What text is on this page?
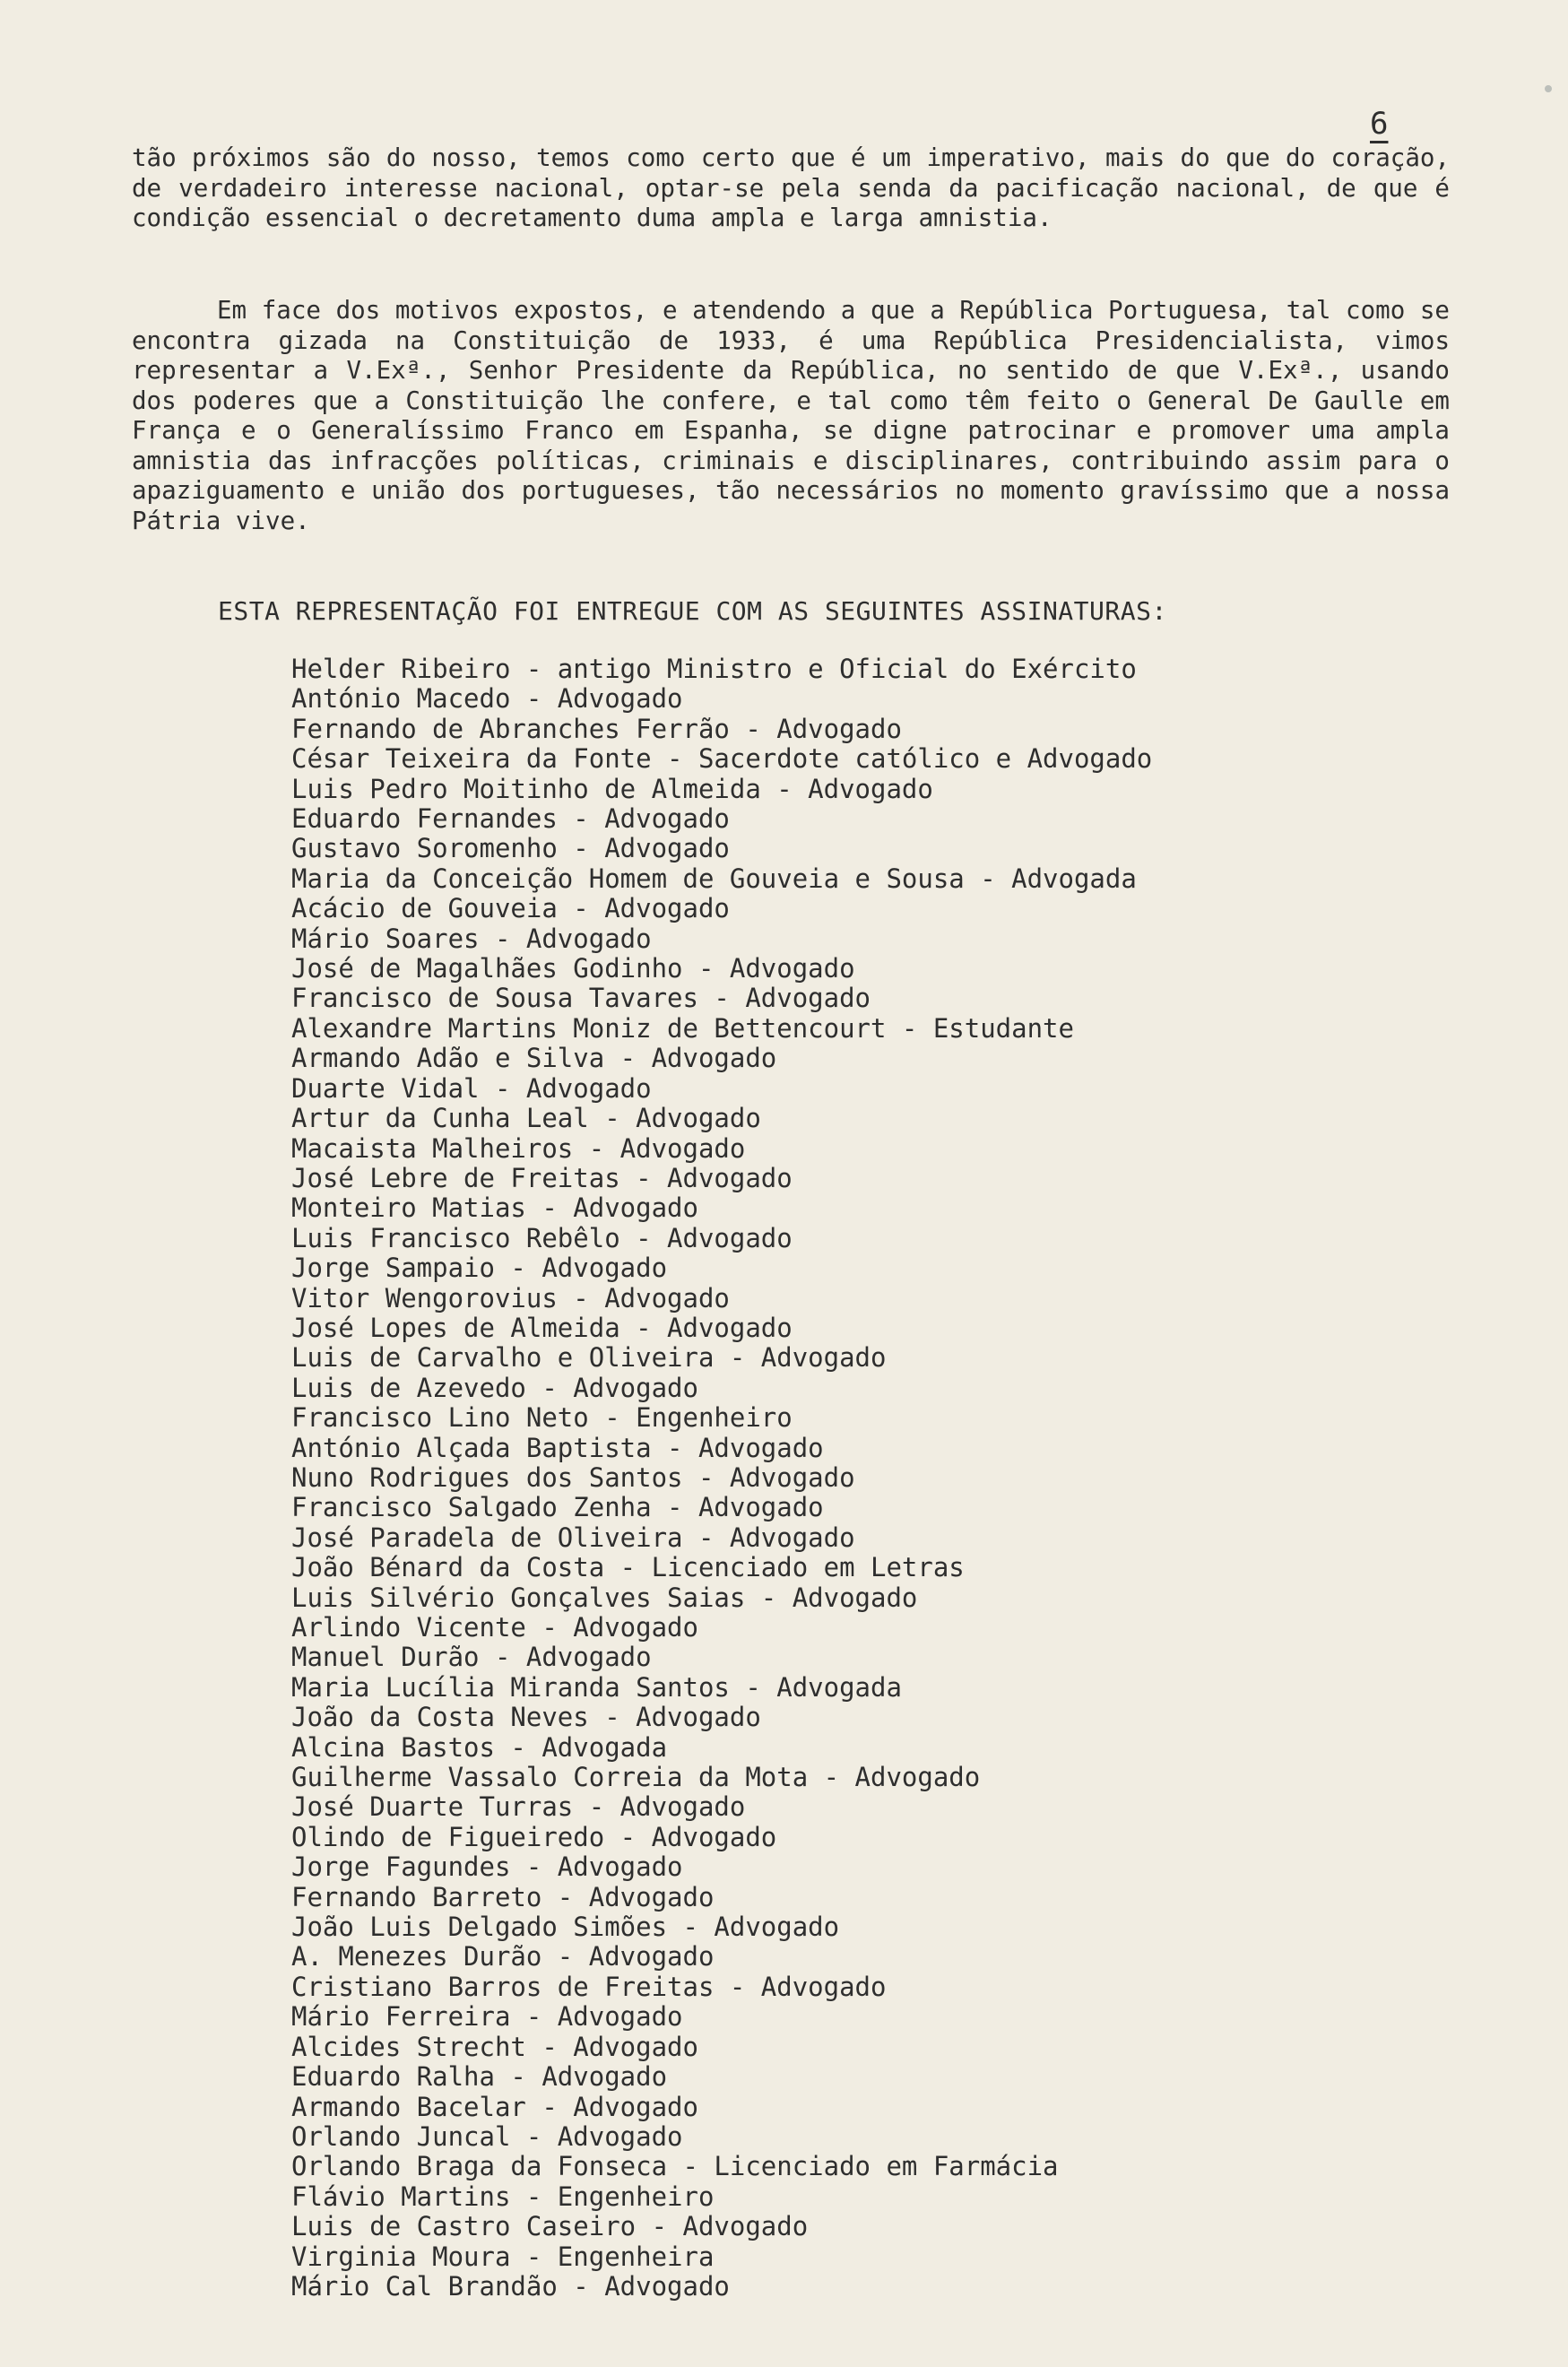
6

tão próximos são do nosso, temos como certo que é um imperativo, mais do que do coração, de verdadeiro interesse nacional, optar-se pela senda da pacificação nacional, de que é condição essencial o decretamento duma ampla e larga amnistia.

Em face dos motivos expostos, e atendendo a que a República Portuguesa, tal como se encontra gizada na Constituição de 1933, é uma República Presidencialista, vimos representar a V.Exª., Senhor Presidente da República, no sentido de que V.Exª., usando dos poderes que a Constituição lhe confere, e tal como têm feito o General De Gaulle em França e o Generalíssimo Franco em Espanha, se digne patrocinar e promover uma ampla amnistia das infracções políticas, criminais e disciplinares, contribuindo assim para o apaziguamento e união dos portugueses, tão necessários no momento gravíssimo que a nossa Pátria vive.

ESTA REPRESENTAÇÃO FOI ENTREGUE COM AS SEGUINTES ASSINATURAS:
Helder Ribeiro - antigo Ministro e Oficial do Exército
António Macedo - Advogado
Fernando de Abranches Ferrão - Advogado
César Teixeira da Fonte - Sacerdote católico e Advogado
Luis Pedro Moitinho de Almeida - Advogado
Eduardo Fernandes - Advogado
Gustavo Soromenho - Advogado
Maria da Conceição Homem de Gouveia e Sousa - Advogada
Acácio de Gouveia - Advogado
Mário Soares - Advogado
José de Magalhães Godinho - Advogado
Francisco de Sousa Tavares - Advogado
Alexandre Martins Moniz de Bettencourt - Estudante
Armando Adão e Silva - Advogado
Duarte Vidal - Advogado
Artur da Cunha Leal - Advogado
Macaista Malheiros - Advogado
José Lebre de Freitas - Advogado
Monteiro Matias - Advogado
Luis Francisco Rebêlo - Advogado
Jorge Sampaio - Advogado
Vitor Wengorovius - Advogado
José Lopes de Almeida - Advogado
Luis de Carvalho e Oliveira - Advogado
Luis de Azevedo - Advogado
Francisco Lino Neto - Engenheiro
António Alçada Baptista - Advogado
Nuno Rodrigues dos Santos - Advogado
Francisco Salgado Zenha - Advogado
José Paradela de Oliveira - Advogado
João Bénard da Costa - Licenciado em Letras
Luis Silvério Gonçalves Saias - Advogado
Arlindo Vicente - Advogado
Manuel Durão - Advogado
Maria Lucília Miranda Santos - Advogada
João da Costa Neves - Advogado
Alcina Bastos - Advogada
Guilherme Vassalo Correia da Mota - Advogado
José Duarte Turras - Advogado
Olindo de Figueiredo - Advogado
Jorge Fagundes - Advogado
Fernando Barreto - Advogado
João Luis Delgado Simões - Advogado
A. Menezes Durão - Advogado
Cristiano Barros de Freitas - Advogado
Mário Ferreira - Advogado
Alcides Strecht - Advogado
Eduardo Ralha - Advogado
Armando Bacelar - Advogado
Orlando Juncal - Advogado
Orlando Braga da Fonseca - Licenciado em Farmácia
Flávio Martins - Engenheiro
Luis de Castro Caseiro - Advogado
Virginia Moura - Engenheira
Mário Cal Brandão - Advogado
